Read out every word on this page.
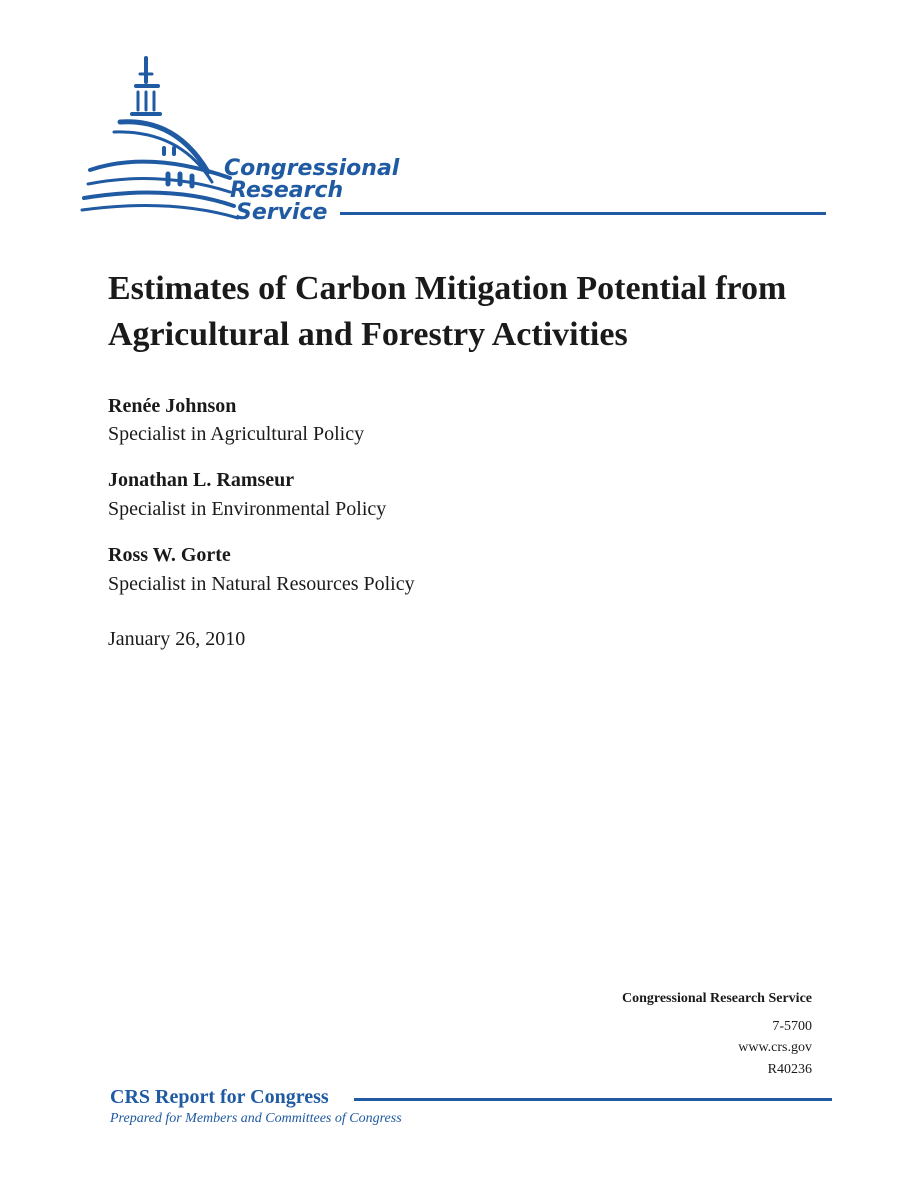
Congressional
Research
Service
Estimates of Carbon Mitigation Potential from Agricultural and Forestry Activities
Renée Johnson
Specialist in Agricultural Policy
Jonathan L. Ramseur
Specialist in Environmental Policy
Ross W. Gorte
Specialist in Natural Resources Policy
January 26, 2010
Congressional Research Service
7-5700
www.crs.gov
R40236
CRS Report for Congress
Prepared for Members and Committees of Congress
